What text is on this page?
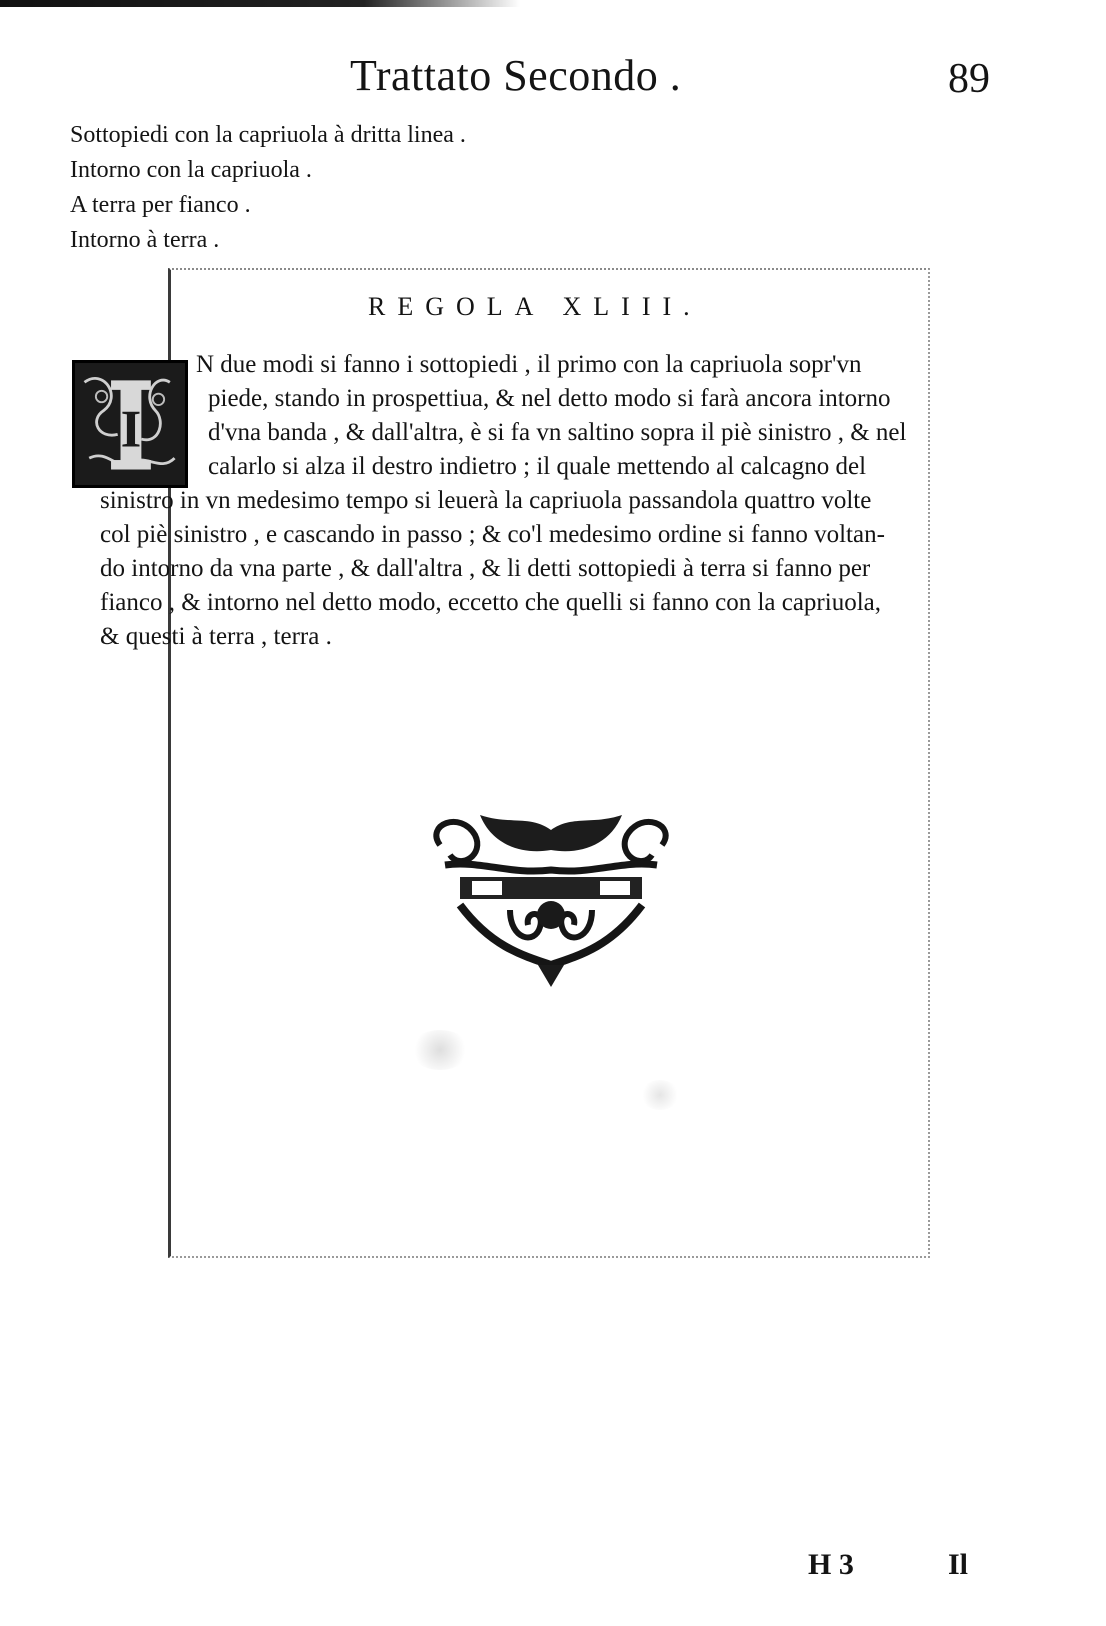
Trattato Secondo .	89
Sottopiedi con la capriuola à dritta linea .
Intorno con la capriuola .
A terra per fianco .
Intorno à terra .
REGOLA XLIII.
I
N due modi si fanno i sottopiedi , il primo con la capriuola sopr'vn
piede, stando in prospettiua, & nel detto modo si farà ancora intorno
d'vna banda , & dall'altra, è si fa vn saltino sopra il piè sinistro , & nel
calarlo si alza il destro indietro ; il quale mettendo al calcagno del
sinistro in vn medesimo tempo si leuerà la capriuola passandola quattro volte
col piè sinistro , e cascando in passo ; & co'l medesimo ordine si fanno voltan-
do intorno da vna parte , & dall'altra , & li detti sottopiedi à terra si fanno per
fianco , & intorno nel detto modo, eccetto che quelli si fanno con la capriuola,
& questi à terra , terra .
H 3	Il
